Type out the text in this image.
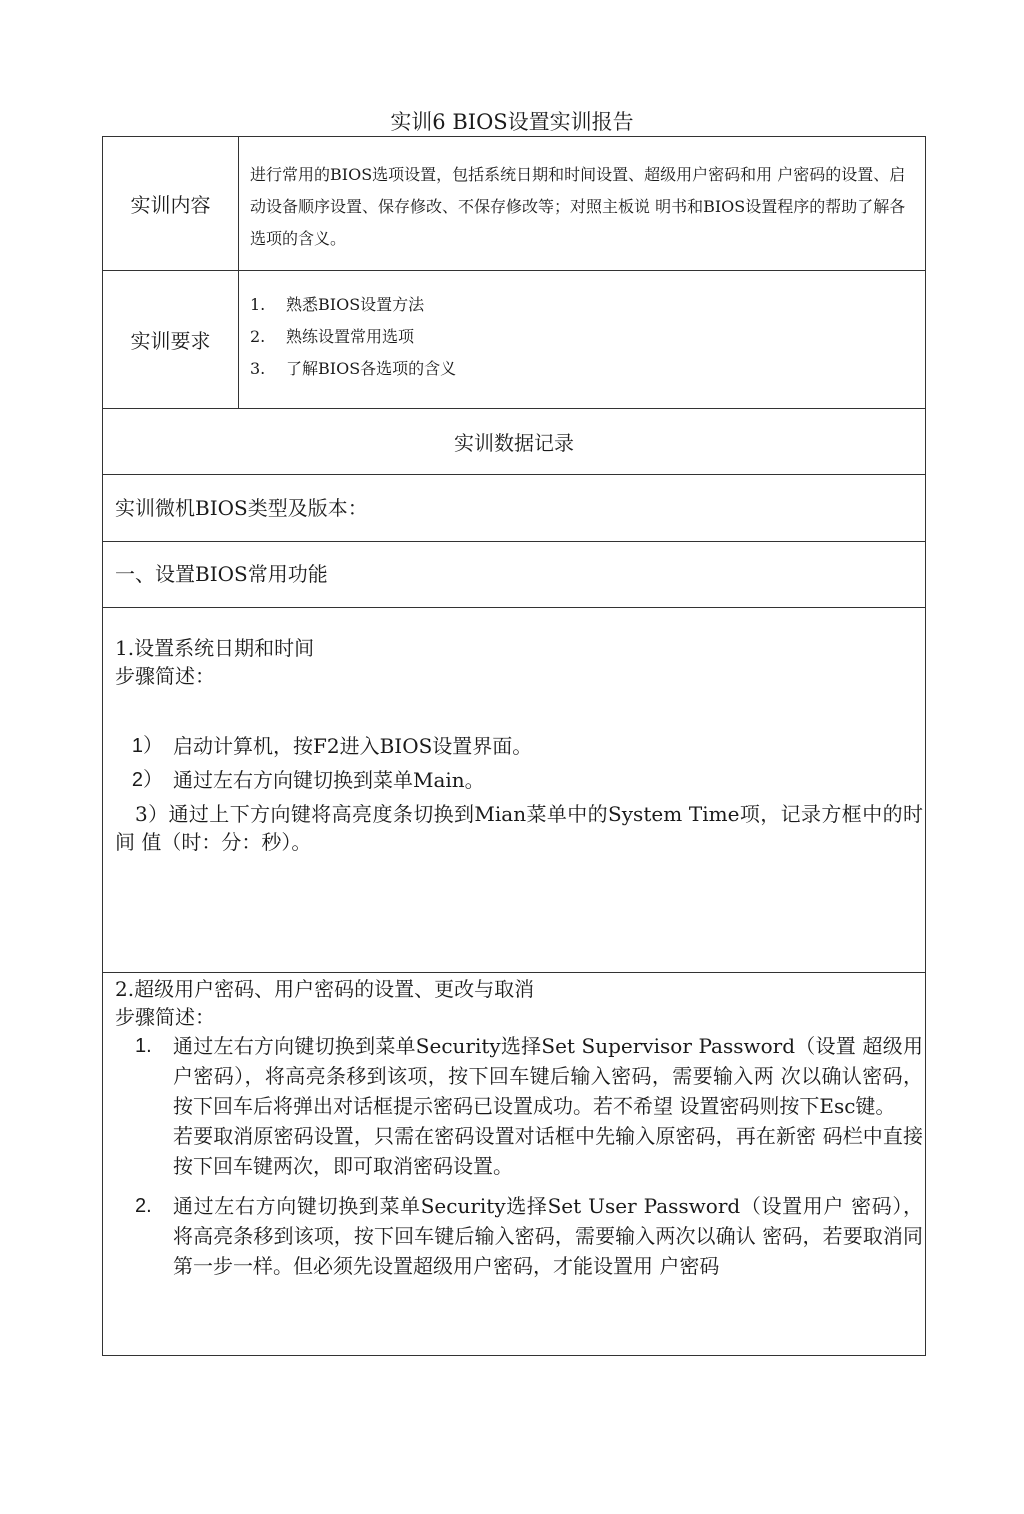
实训6 BIOS设置实训报告
实训内容
进行常用的BIOS选项设置，包括系统日期和时间设置、超级用户密码和用 户密码的设置、启动设备顺序设置、保存修改、不保存修改等；对照主板说 明书和BIOS设置程序的帮助了解各选项的含义。
实训要求
1.	熟悉BIOS设置方法
2.	熟练设置常用选项
3.	了解BIOS各选项的含义
实训数据记录
实训微机BIOS类型及版本：
一、设置BIOS常用功能
1.设置系统日期和时间
步骤简述：
1） 启动计算机，按F2进入BIOS设置界面。
2） 通过左右方向键切换到菜单Main。
3）通过上下方向键将高亮度条切换到Mian菜单中的System Time项，记录方框中的时间 值（时：分：秒）。
2.超级用户密码、用户密码的设置、更改与取消
步骤简述：
1.	通过左右方向键切换到菜单Security选择Set Supervisor Password（设置 超级用户密码），将高亮条移到该项，按下回车键后输入密码，需要输入两 次以确认密码，按下回车后将弹出对话框提示密码已设置成功。若不希望 设置密码则按下Esc键。
若要取消原密码设置，只需在密码设置对话框中先输入原密码，再在新密 码栏中直接按下回车键两次，即可取消密码设置。
2.	通过左右方向键切换到菜单Security选择Set User Password（设置用户 密码），将高亮条移到该项，按下回车键后输入密码，需要输入两次以确认 密码，若要取消同第一步一样。但必须先设置超级用户密码，才能设置用 户密码
